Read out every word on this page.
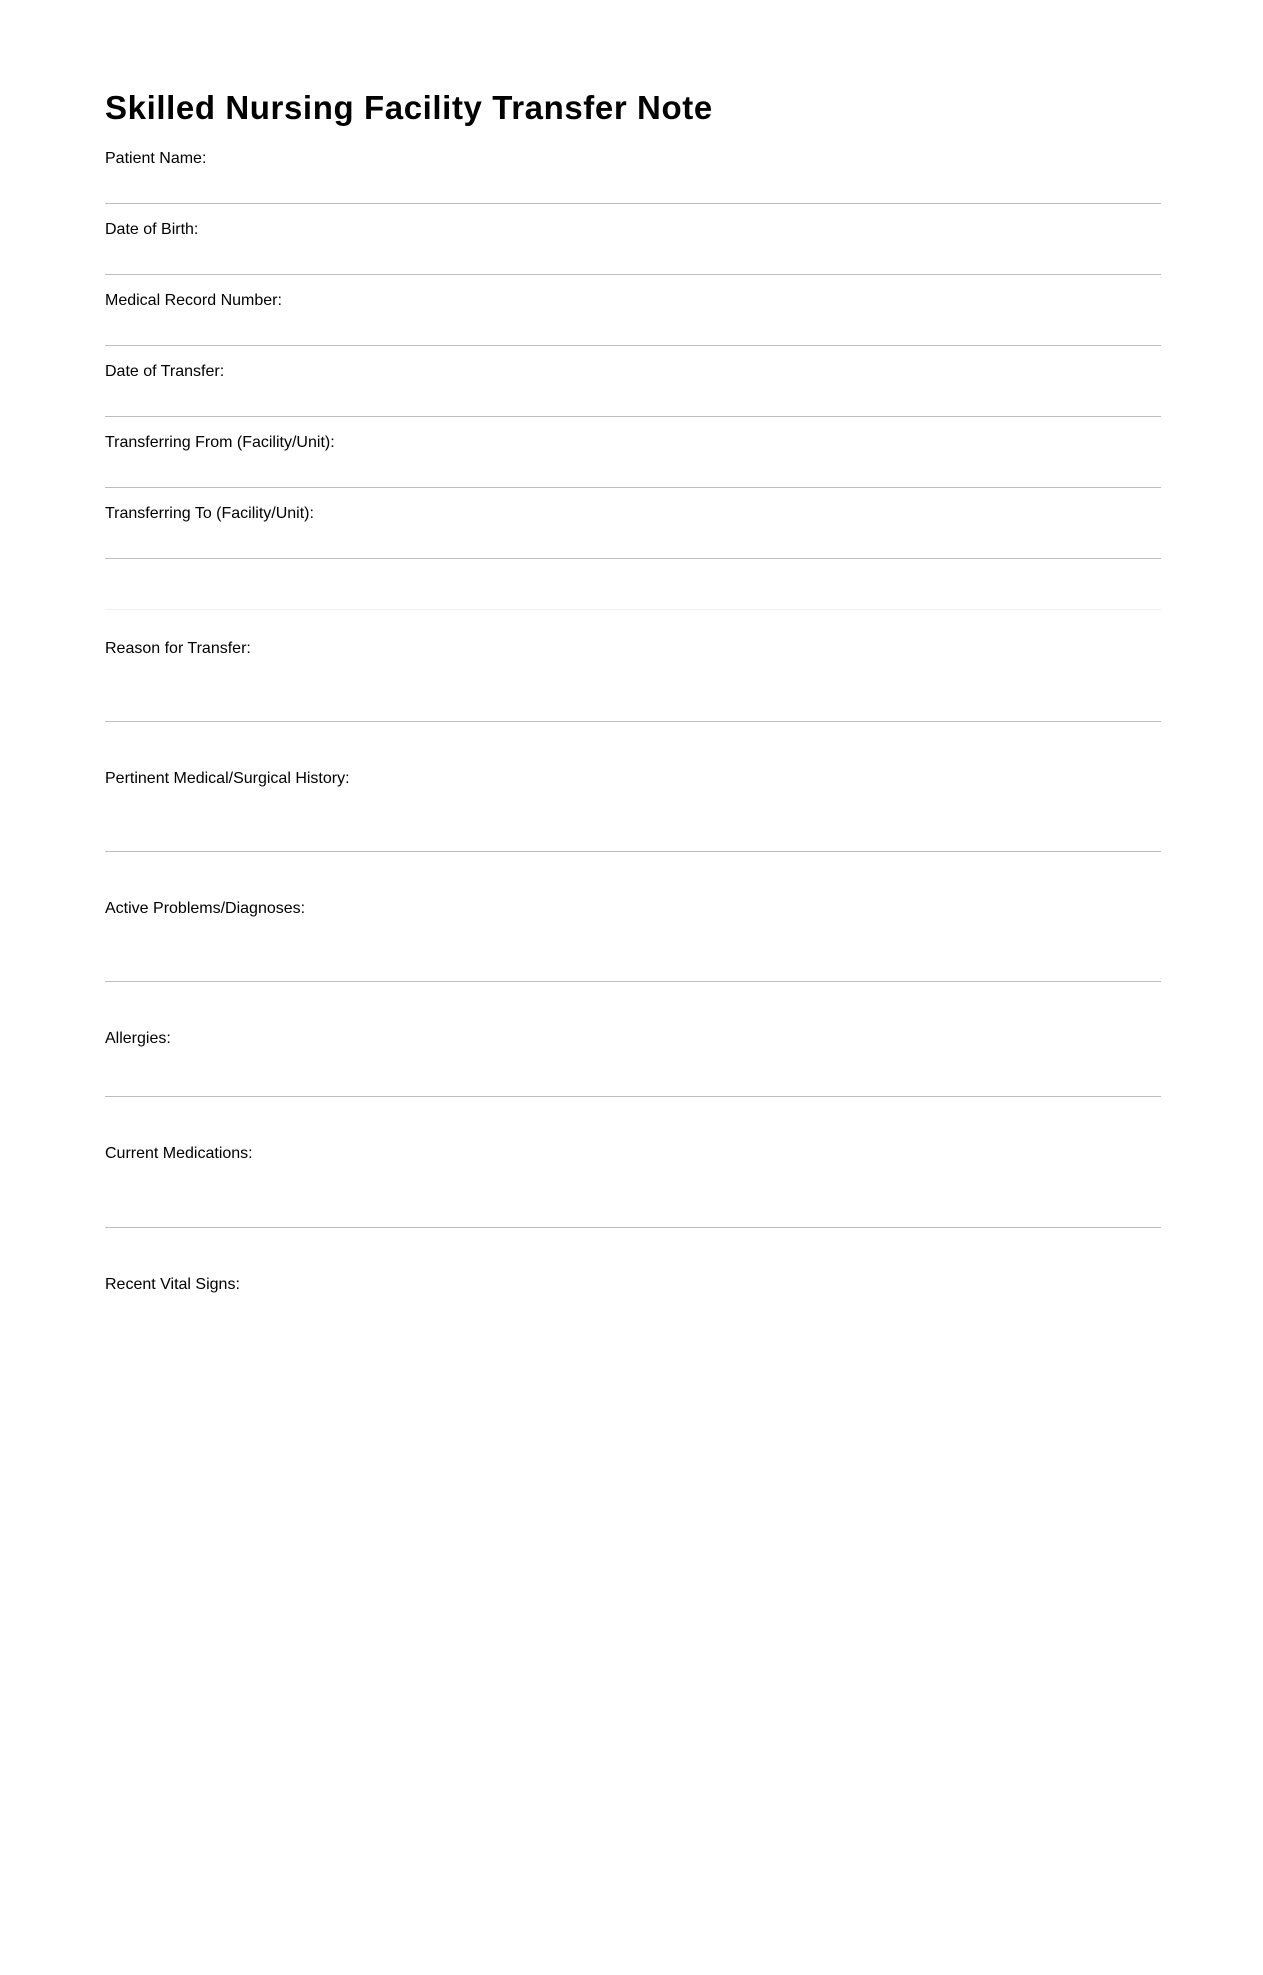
Skilled Nursing Facility Transfer Note
Patient Name:
Date of Birth:
Medical Record Number:
Date of Transfer:
Transferring From (Facility/Unit):
Transferring To (Facility/Unit):
Reason for Transfer:
Pertinent Medical/Surgical History:
Active Problems/Diagnoses:
Allergies:
Current Medications:
Recent Vital Signs:
